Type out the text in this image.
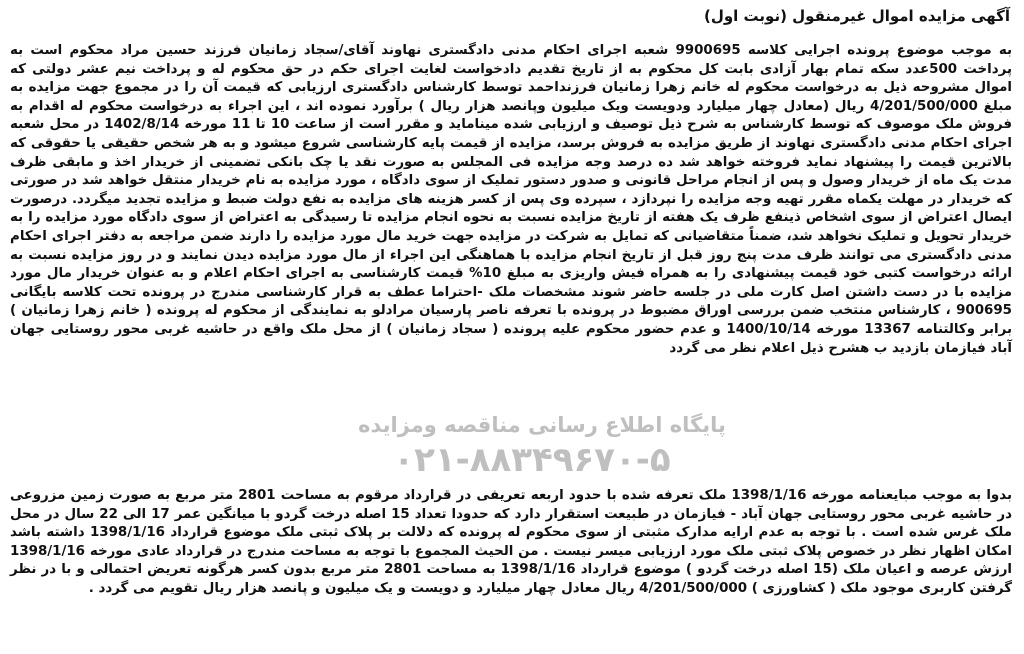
آگهی مزایده اموال غیرمنقول (نوبت اول)

به موجب موضوع پرونده اجرایی کلاسه 9900695 شعبه اجرای احکام مدنی دادگستری نهاوند آقای/سجاد زمانیان فرزند حسین مراد محکوم است به پرداخت 500عدد سکه تمام بهار آزادی بابت کل محکوم به از تاریخ تقدیم دادخواست لغایت اجرای حکم در حق محکوم له و پرداخت نیم عشر دولتی که اموال مشروحه ذیل به درخواست محکوم له خانم زهرا زمانیان فرزنداحمد توسط کارشناس دادگستری ارزیابی که قیمت آن را در مجموع جهت مزایده به مبلغ 4/201/500/000 ریال (معادل چهار میلیارد ودویست ویک میلیون وپانصد هزار ریال ) برآورد نموده اند ، این اجراء به درخواست محکوم له اقدام به فروش ملک موصوف که توسط کارشناس به شرح ذیل توصیف و ارزیابی شده میناماید و مقرر است از ساعت 10 تا 11 مورخه 1402/8/14 در محل شعبه اجرای احکام مدنی دادگستری نهاوند از طریق مزایده به فروش برسد، مزایده از قیمت پایه کارشناسی شروع میشود و به هر شخص حقیقی یا حقوقی که بالاترین قیمت را پیشنهاد نماید فروخته خواهد شد ده درصد وجه مزایده فی المجلس به صورت نقد یا چک بانکی تضمینی از خریدار اخذ و مابقی ظرف مدت یک ماه از خریدار وصول و پس از انجام مراحل قانونی و صدور دستور تملیک از سوی دادگاه ، مورد مزایده به نام خریدار منتقل خواهد شد در صورتی که خریدار در مهلت یکماه مقرر تهیه وجه مزایده را نپردازد ، سپرده وی پس از کسر هزینه های مزایده به نفع دولت ضبط و مزایده تجدید میگردد. درصورت ایصال اعتراض از سوی اشخاص ذینفع ظرف یک هفته از تاریخ مزایده نسبت به نحوه انجام مزایده تا رسیدگی به اعتراض از سوی دادگاه مورد مزایده را به خریدار تحویل و تملیک نخواهد شد، ضمناً متقاضیانی که تمایل به شرکت در مزایده جهت خرید مال مورد مزایده را دارند ضمن مراجعه به دفتر اجرای احکام مدنی دادگستری می توانند ظرف مدت پنج روز قبل از تاریخ انجام مزایده با هماهنگی این اجراء از مال مورد مزایده دیدن نمایند و در روز مزایده نسبت به ارائه درخواست کتبی خود قیمت پیشنهادی را به همراه فیش واریزی به مبلغ 10% قیمت کارشناسی به اجرای احکام اعلام و به عنوان خریدار مال مورد مزایده با در دست داشتن اصل کارت ملی در جلسه حاضر شوند مشخصات ملک -احتراما عطف به قرار کارشناسی مندرج در پرونده تحت کلاسه بایگانی 900695 ، کارشناس منتخب ضمن بررسی اوراق مضبوط در پرونده با تعرفه ناصر پارسیان مرادلو به نمایندگی از محکوم له پرونده ( خانم زهرا زمانیان ) برابر وکالتنامه 13367 مورخه 1400/10/14 و عدم حضور محکوم علیه پرونده ( سجاد زمانیان ) از محل ملک واقع در حاشیه غربی محور روستایی جهان آباد فیازمان بازدید ب هشرح ذیل اعلام نظر می گردد

پایگاه اطلاع رسانی مناقصه ومزایده
۰۲۱-۸۸۳۴۹۶۷۰-۵

بدوا به موجب مبایعنامه مورخه 1398/1/16 ملک تعرفه شده با حدود اربعه تعریفی در قرارداد مرقوم به مساحت 2801 متر مربع به صورت زمین مزروعی در حاشیه غربی محور روستایی جهان آباد - فیازمان در طبیعت استقرار دارد که حدودا تعداد 15 اصله درخت گردو با میانگین عمر 17 الی 22 سال در محل ملک غرس شده است . با توجه به عدم ارایه مدارک مثبتی از سوی محکوم له پرونده که دلالت بر پلاک ثبتی ملک موضوع قرارداد 1398/1/16 داشته باشد امکان اظهار نظر در خصوص پلاک ثبتی ملک مورد ارزیابی میسر نیست . من الحیث المجموع با توجه به مساحت مندرج در قرارداد عادی مورخه 1398/1/16 ارزش عرصه و اعیان ملک (15 اصله درخت گردو ) موضوع قرارداد 1398/1/16 به مساحت 2801 متر مربع بدون کسر هرگونه تعریض احتمالی و با در نظر گرفتن کاربری موجود ملک ( کشاورزی ) 4/201/500/000 ریال معادل چهار میلیارد و دویست و یک میلیون و پانصد هزار ریال تقویم می گردد .
